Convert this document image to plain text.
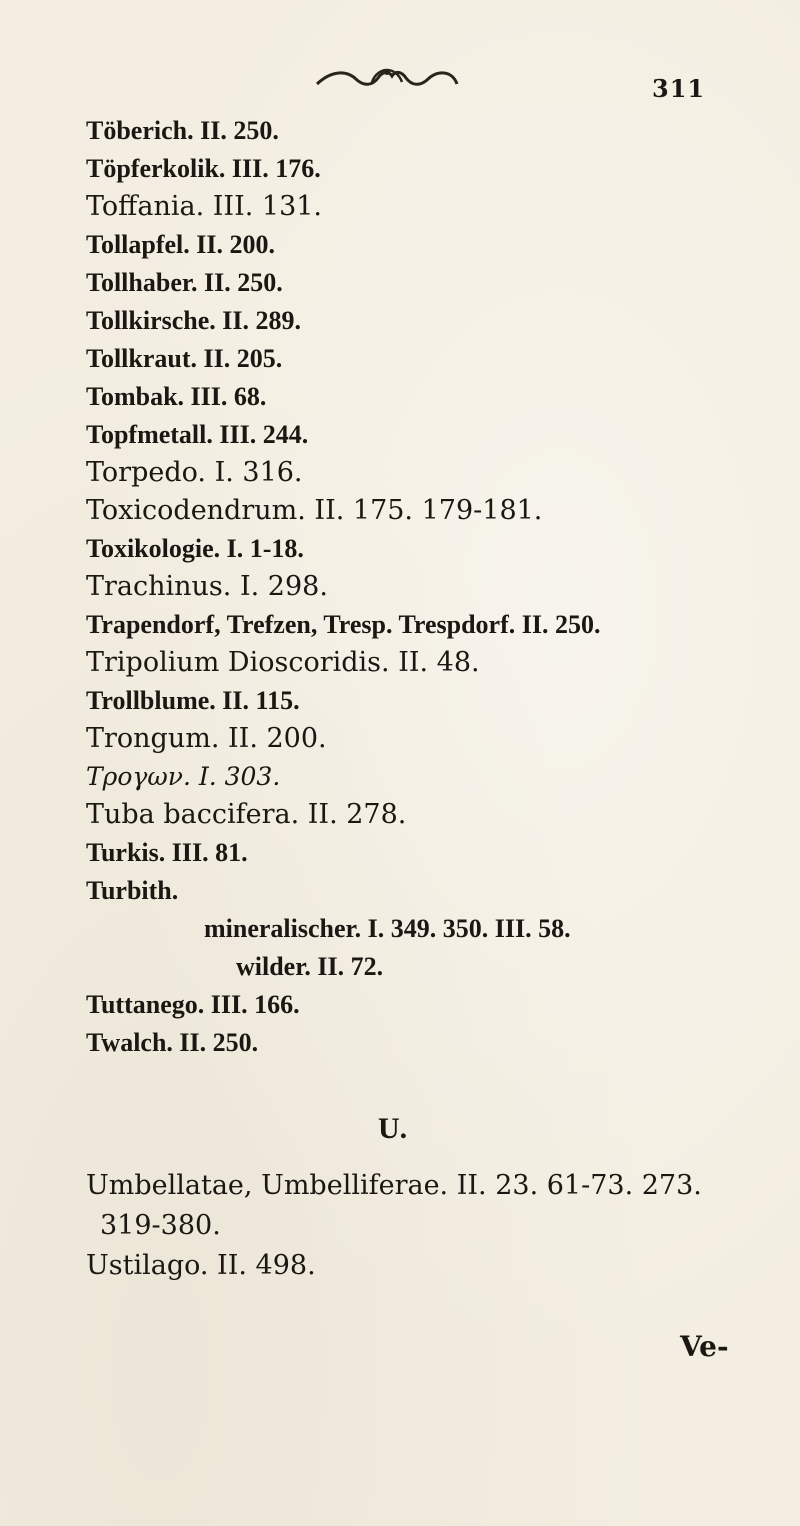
311
Töberich. II. 250.
Töpferkolik. III. 176.
Toffania. III. 131.
Tollapfel. II. 200.
Tollhaber. II. 250.
Tollkirsche. II. 289.
Tollkraut. II. 205.
Tombak. III. 68.
Topfmetall. III. 244.
Torpedo. I. 316.
Toxicodendrum. II. 175. 179-181.
Toxikologie. I. 1-18.
Trachinus. I. 298.
Trapendorf, Trefzen, Tresp. Trespdorf. II. 250.
Tripolium Dioscoridis. II. 48.
Trollblume. II. 115.
Trongum. II. 200.
Τρογων. I. 303.
Tuba baccifera. II. 278.
Turkis. III. 81.
Turbith.
mineralischer. I. 349. 350. III. 58.
wilder. II. 72.
Tuttanego. III. 166.
Twalch. II. 250.
U.
Umbellatae, Umbelliferae. II. 23. 61-73. 273.
319-380.
Ustilago. II. 498.
Ve-
